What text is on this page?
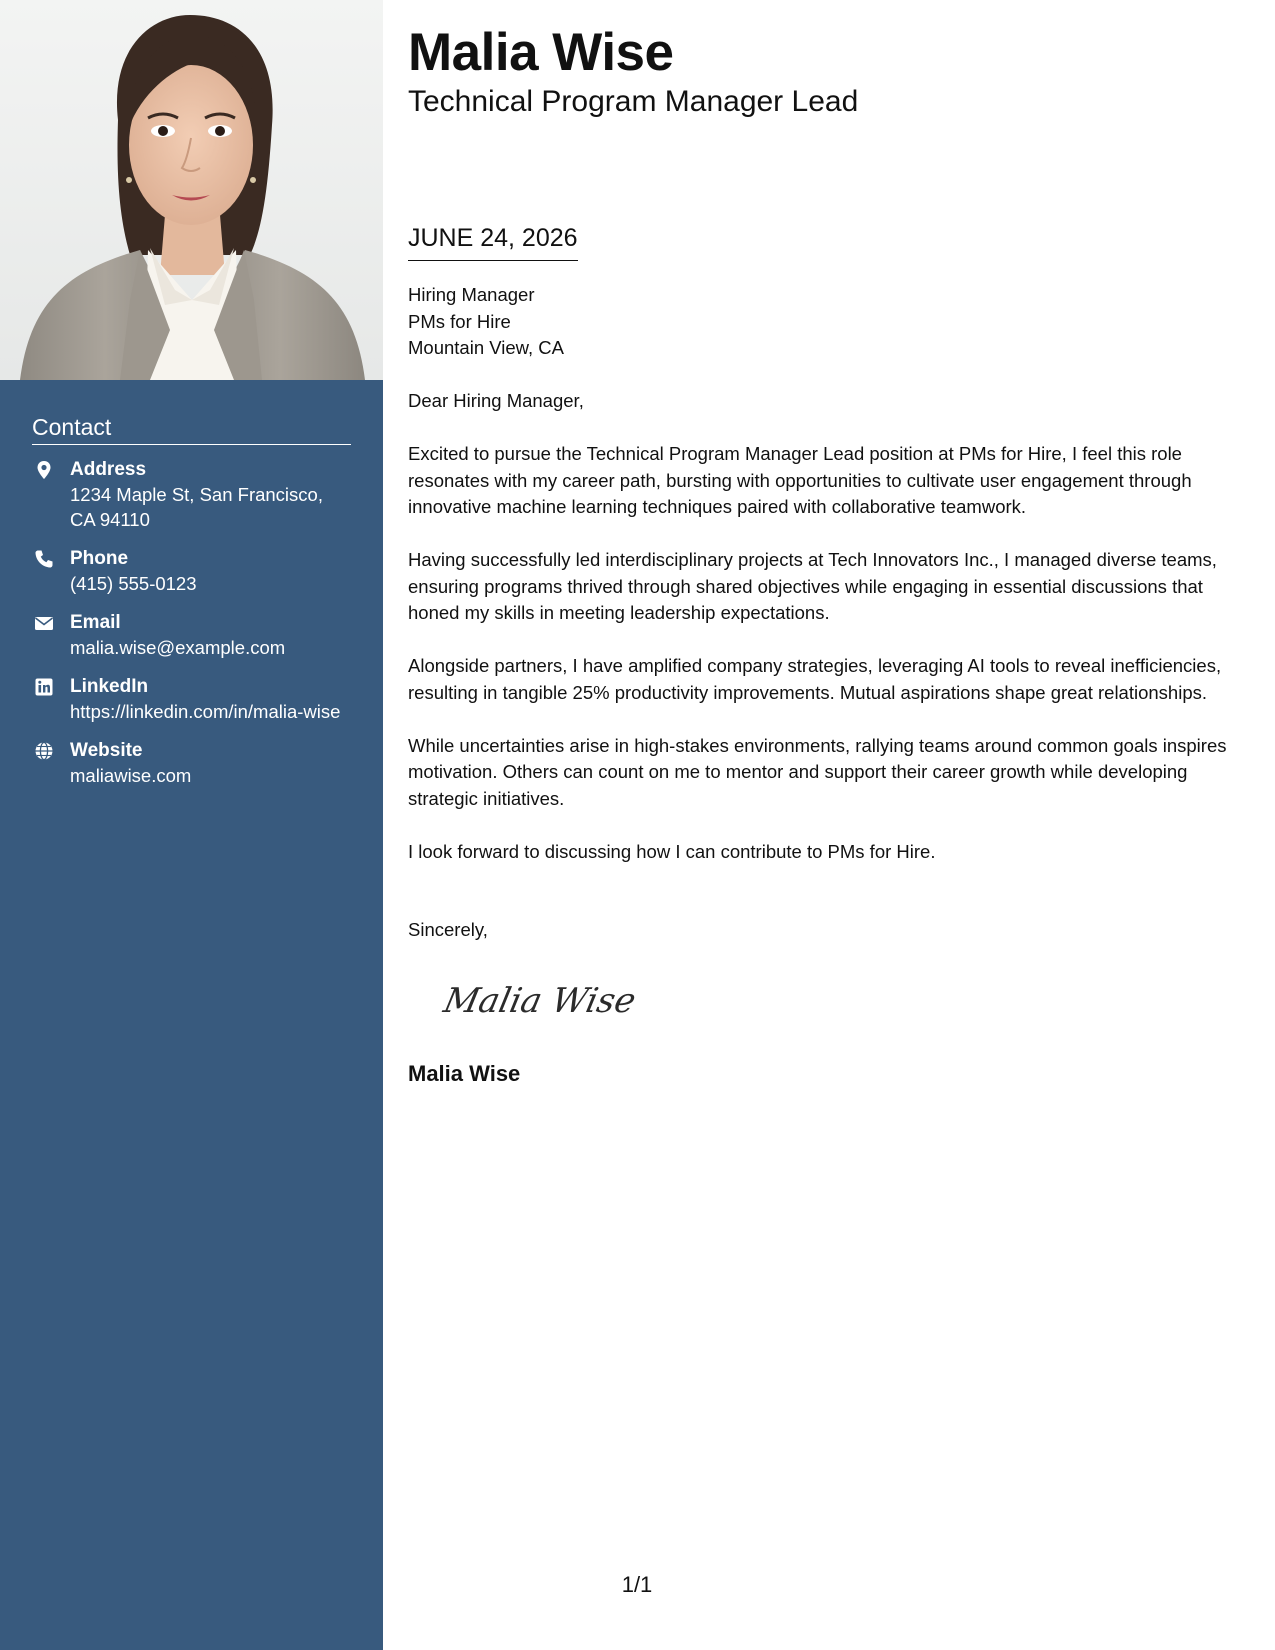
Contact
Address
1234 Maple St, San Francisco, CA 94110
Phone
(415) 555-0123
Email
malia.wise@example.com
LinkedIn
https://linkedin.com/in/malia-wise
Website
maliawise.com
Malia Wise
Technical Program Manager Lead
JUNE 24, 2026
Hiring Manager
PMs for Hire
Mountain View, CA

Dear Hiring Manager,

Excited to pursue the Technical Program Manager Lead position at PMs for Hire, I feel this role resonates with my career path, bursting with opportunities to cultivate user engagement through innovative machine learning techniques paired with collaborative teamwork.

Having successfully led interdisciplinary projects at Tech Innovators Inc., I managed diverse teams, ensuring programs thrived through shared objectives while engaging in essential discussions that honed my skills in meeting leadership expectations.

Alongside partners, I have amplified company strategies, leveraging AI tools to reveal inefficiencies, resulting in tangible 25% productivity improvements. Mutual aspirations shape great relationships.

While uncertainties arise in high-stakes environments, rallying teams around common goals inspires motivation. Others can count on me to mentor and support their career growth while developing strategic initiatives.

I look forward to discussing how I can contribute to PMs for Hire.

Sincerely,
Malia Wise
Malia Wise
1/1
